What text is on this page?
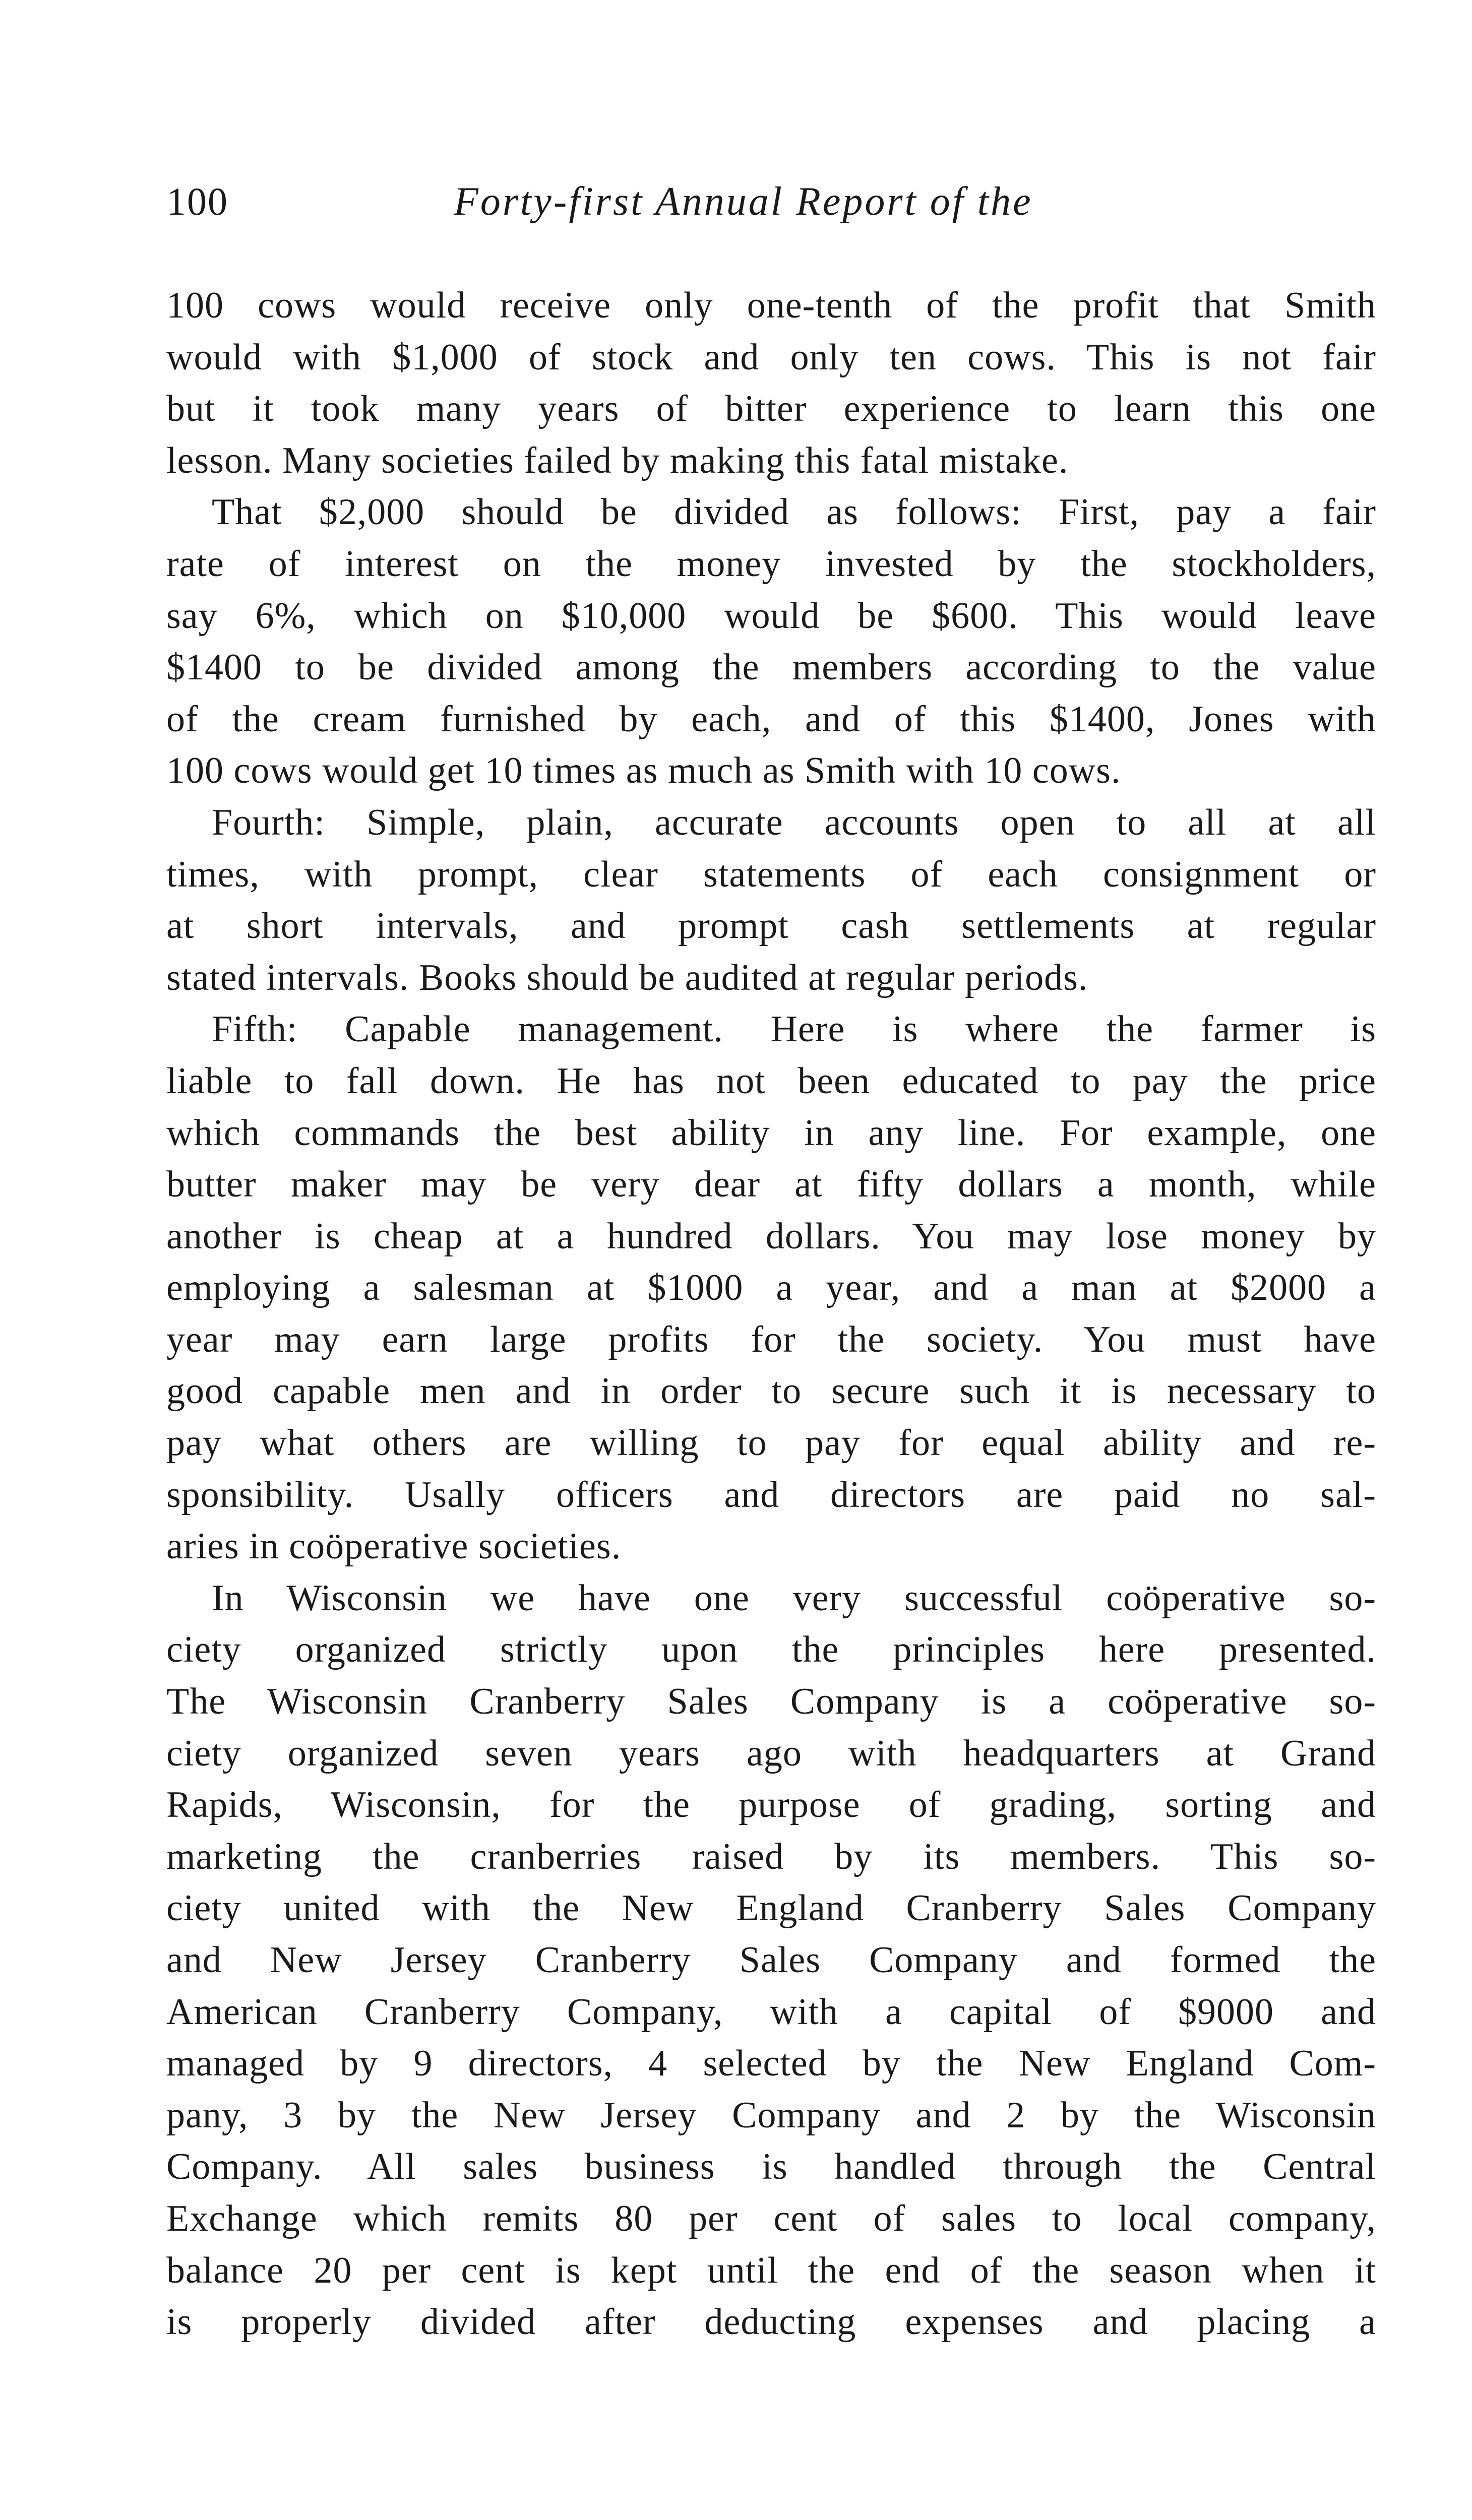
100	Forty-first Annual Report of the
100 cows would receive only one-tenth of the profit that Smith
would with $1,000 of stock and only ten cows. This is not fair
but it took many years of bitter experience to learn this one
lesson. Many societies failed by making this fatal mistake.
That $2,000 should be divided as follows: First, pay a fair
rate of interest on the money invested by the stockholders,
say 6%, which on $10,000 would be $600. This would leave
$1400 to be divided among the members according to the value
of the cream furnished by each, and of this $1400, Jones with
100 cows would get 10 times as much as Smith with 10 cows.
Fourth: Simple, plain, accurate accounts open to all at all
times, with prompt, clear statements of each consignment or
at short intervals, and prompt cash settlements at regular
stated intervals. Books should be audited at regular periods.
Fifth: Capable management. Here is where the farmer is
liable to fall down. He has not been educated to pay the price
which commands the best ability in any line. For example, one
butter maker may be very dear at fifty dollars a month, while
another is cheap at a hundred dollars. You may lose money by
employing a salesman at $1000 a year, and a man at $2000 a
year may earn large profits for the society. You must have
good capable men and in order to secure such it is necessary to
pay what others are willing to pay for equal ability and re-
sponsibility. Usally officers and directors are paid no sal-
aries in coöperative societies.
In Wisconsin we have one very successful coöperative so-
ciety organized strictly upon the principles here presented.
The Wisconsin Cranberry Sales Company is a coöperative so-
ciety organized seven years ago with headquarters at Grand
Rapids, Wisconsin, for the purpose of grading, sorting and
marketing the cranberries raised by its members. This so-
ciety united with the New England Cranberry Sales Company
and New Jersey Cranberry Sales Company and formed the
American Cranberry Company, with a capital of $9000 and
managed by 9 directors, 4 selected by the New England Com-
pany, 3 by the New Jersey Company and 2 by the Wisconsin
Company. All sales business is handled through the Central
Exchange which remits 80 per cent of sales to local company,
balance 20 per cent is kept until the end of the season when it
is properly divided after deducting expenses and placing a
